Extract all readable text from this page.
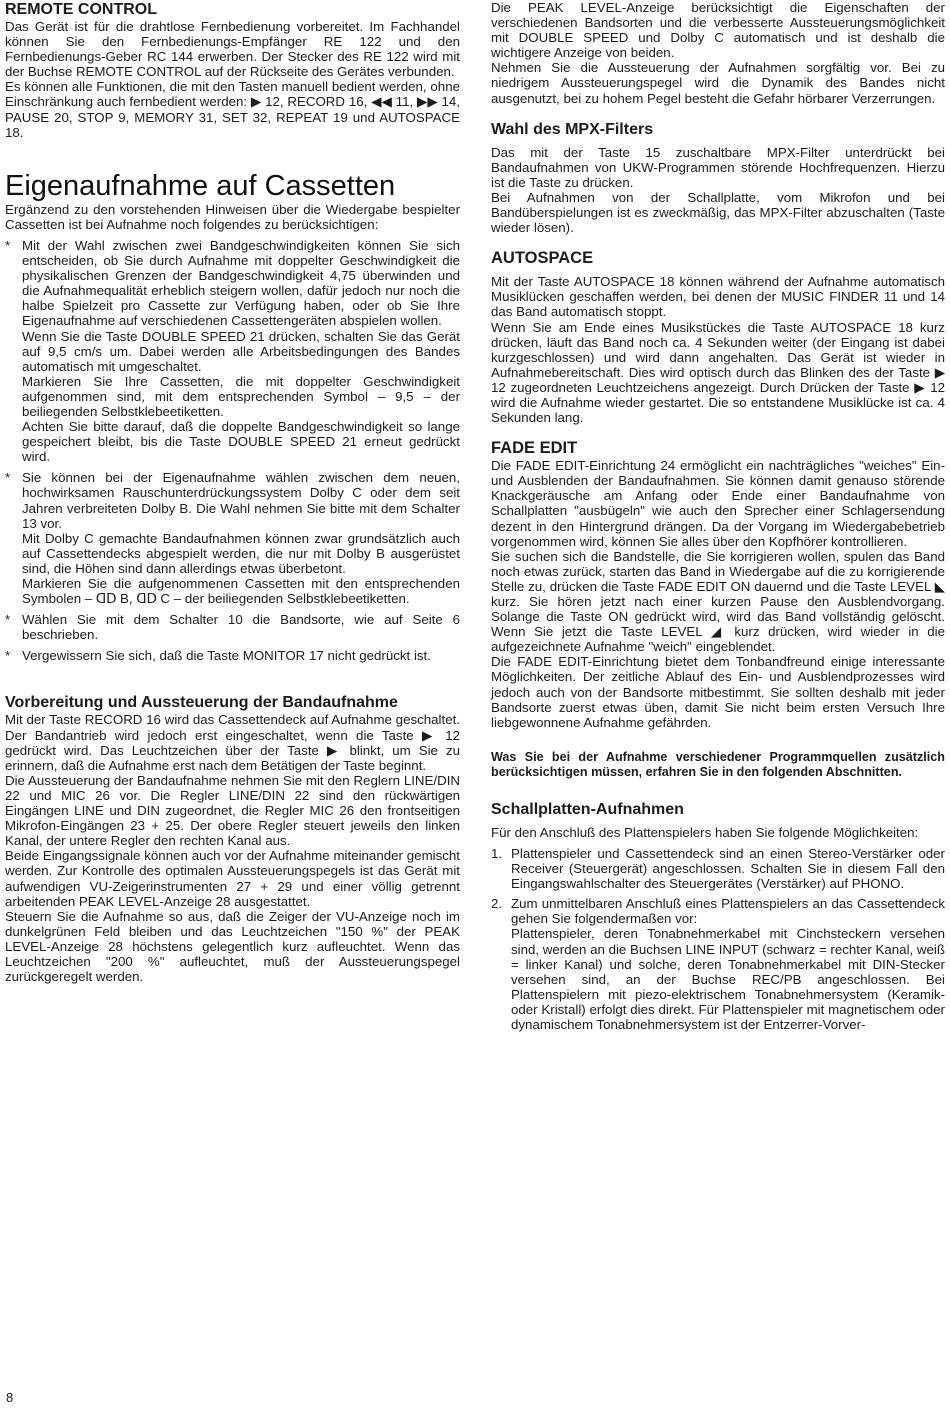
REMOTE CONTROL

Das Gerät ist für die drahtlose Fernbedienung vorbereitet. Im Fachhandel können Sie den Fernbedienungs-Empfänger RE 122 und den Fernbedienungs-Geber RC 144 erwerben. Der Stecker des RE 122 wird mit der Buchse REMOTE CONTROL auf der Rückseite des Gerätes verbunden.

Es können alle Funktionen, die mit den Tasten manuell bedient werden, ohne Einschränkung auch fernbedient werden: ▶ 12, RECORD 16, ◀◀ 11, ▶▶ 14, PAUSE 20, STOP 9, MEMORY 31, SET 32, REPEAT 19 und AUTOSPACE 18.

Eigenaufnahme auf Cassetten

Ergänzend zu den vorstehenden Hinweisen über die Wiedergabe bespielter Cassetten ist bei Aufnahme noch folgendes zu berücksichtigen:

* Mit der Wahl zwischen zwei Bandgeschwindigkeiten können Sie sich entscheiden, ob Sie durch Aufnahme mit doppelter Geschwindigkeit die physikalischen Grenzen der Bandgeschwindigkeit 4,75 überwinden und die Aufnahmequalität erheblich steigern wollen, dafür jedoch nur noch die halbe Spielzeit pro Cassette zur Verfügung haben, oder ob Sie Ihre Eigenaufnahme auf verschiedenen Cassettengeräten abspielen wollen.

Wenn Sie die Taste DOUBLE SPEED 21 drücken, schalten Sie das Gerät auf 9,5 cm/s um. Dabei werden alle Arbeitsbedingungen des Bandes automatisch mit umgeschaltet.

Markieren Sie Ihre Cassetten, die mit doppelter Geschwindigkeit aufgenommen sind, mit dem entsprechenden Symbol – 9,5 – der beiliegenden Selbstklebeetiketten.

Achten Sie bitte darauf, daß die doppelte Bandgeschwindigkeit so lange gespeichert bleibt, bis die Taste DOUBLE SPEED 21 erneut gedrückt wird.

* Sie können bei der Eigenaufnahme wählen zwischen dem neuen, hochwirksamen Rauschunterdrückungssystem Dolby C oder dem seit Jahren verbreiteten Dolby B. Die Wahl nehmen Sie bitte mit dem Schalter 13 vor.

Mit Dolby C gemachte Bandaufnahmen können zwar grundsätzlich auch auf Cassettendecks abgespielt werden, die nur mit Dolby B ausgerüstet sind, die Höhen sind dann allerdings etwas überbetont.

Markieren Sie die aufgenommenen Cassetten mit den entsprechenden Symbolen – ᗡᗞ B, ᗡᗞ C – der beiliegenden Selbstklebeetiketten.

* Wählen Sie mit dem Schalter 10 die Bandsorte, wie auf Seite 6 beschrieben.

* Vergewissern Sie sich, daß die Taste MONITOR 17 nicht gedrückt ist.

Vorbereitung und Aussteuerung der Bandaufnahme

Mit der Taste RECORD 16 wird das Cassettendeck auf Aufnahme geschaltet. Der Bandantrieb wird jedoch erst eingeschaltet, wenn die Taste ▶ 12 gedrückt wird. Das Leuchtzeichen über der Taste ▶ blinkt, um Sie zu erinnern, daß die Aufnahme erst nach dem Betätigen der Taste beginnt.

Die Aussteuerung der Bandaufnahme nehmen Sie mit den Reglern LINE/DIN 22 und MIC 26 vor. Die Regler LINE/DIN 22 sind den rückwärtigen Eingängen LINE und DIN zugeordnet, die Regler MIC 26 den frontseitigen Mikrofon-Eingängen 23 + 25. Der obere Regler steuert jeweils den linken Kanal, der untere Regler den rechten Kanal aus.

Beide Eingangssignale können auch vor der Aufnahme miteinander gemischt werden. Zur Kontrolle des optimalen Aussteuerungspegels ist das Gerät mit aufwendigen VU-Zeigerinstrumenten 27 + 29 und einer völlig getrennt arbeitenden PEAK LEVEL-Anzeige 28 ausgestattet.

Steuern Sie die Aufnahme so aus, daß die Zeiger der VU-Anzeige noch im dunkelgrünen Feld bleiben und das Leuchtzeichen "150 %" der PEAK LEVEL-Anzeige 28 höchstens gelegentlich kurz aufleuchtet. Wenn das Leuchtzeichen "200 %" aufleuchtet, muß der Aussteuerungspegel zurückgeregelt werden.

Die PEAK LEVEL-Anzeige berücksichtigt die Eigenschaften der verschiedenen Bandsorten und die verbesserte Aussteuerungsmöglichkeit mit DOUBLE SPEED und Dolby C automatisch und ist deshalb die wichtigere Anzeige von beiden.

Nehmen Sie die Aussteuerung der Aufnahmen sorgfältig vor. Bei zu niedrigem Aussteuerungspegel wird die Dynamik des Bandes nicht ausgenutzt, bei zu hohem Pegel besteht die Gefahr hörbarer Verzerrungen.

Wahl des MPX-Filters

Das mit der Taste 15 zuschaltbare MPX-Filter unterdrückt bei Bandaufnahmen von UKW-Programmen störende Hochfrequenzen. Hierzu ist die Taste zu drücken.

Bei Aufnahmen von der Schallplatte, vom Mikrofon und bei Bandüberspielungen ist es zweckmäßig, das MPX-Filter abzuschalten (Taste wieder lösen).

AUTOSPACE

Mit der Taste AUTOSPACE 18 können während der Aufnahme automatisch Musiklücken geschaffen werden, bei denen der MUSIC FINDER 11 und 14 das Band automatisch stoppt.

Wenn Sie am Ende eines Musikstückes die Taste AUTOSPACE 18 kurz drücken, läuft das Band noch ca. 4 Sekunden weiter (der Eingang ist dabei kurzgeschlossen) und wird dann angehalten. Das Gerät ist wieder in Aufnahmebereitschaft. Dies wird optisch durch das Blinken des der Taste ▶ 12 zugeordneten Leuchtzeichens angezeigt. Durch Drücken der Taste ▶ 12 wird die Aufnahme wieder gestartet. Die so entstandene Musiklücke ist ca. 4 Sekunden lang.

FADE EDIT

Die FADE EDIT-Einrichtung 24 ermöglicht ein nachträgliches "weiches" Ein- und Ausblenden der Bandaufnahmen. Sie können damit genauso störende Knackgeräusche am Anfang oder Ende einer Bandaufnahme von Schallplatten "ausbügeln" wie auch den Sprecher einer Schlagersendung dezent in den Hintergrund drängen. Da der Vorgang im Wiedergabebetrieb vorgenommen wird, können Sie alles über den Kopfhörer kontrollieren.

Sie suchen sich die Bandstelle, die Sie korrigieren wollen, spulen das Band noch etwas zurück, starten das Band in Wiedergabe auf die zu korrigierende Stelle zu, drücken die Taste FADE EDIT ON dauernd und die Taste LEVEL ◣ kurz. Sie hören jetzt nach einer kurzen Pause den Ausblendvorgang. Solange die Taste ON gedrückt wird, wird das Band vollständig gelöscht. Wenn Sie jetzt die Taste LEVEL ◢ kurz drücken, wird wieder in die aufgezeichnete Aufnahme "weich" eingeblendet.

Die FADE EDIT-Einrichtung bietet dem Tonbandfreund einige interessante Möglichkeiten. Der zeitliche Ablauf des Ein- und Ausblendprozesses wird jedoch auch von der Bandsorte mitbestimmt. Sie sollten deshalb mit jeder Bandsorte zuerst etwas üben, damit Sie nicht beim ersten Versuch Ihre liebgewonnene Aufnahme gefährden.

Was Sie bei der Aufnahme verschiedener Programmquellen zusätzlich berücksichtigen müssen, erfahren Sie in den folgenden Abschnitten.

Schallplatten-Aufnahmen

Für den Anschluß des Plattenspielers haben Sie folgende Möglichkeiten:

1. Plattenspieler und Cassettendeck sind an einen Stereo-Verstärker oder Receiver (Steuergerät) angeschlossen. Schalten Sie in diesem Fall den Eingangswahlschalter des Steuergerätes (Verstärker) auf PHONO.

2. Zum unmittelbaren Anschluß eines Plattenspielers an das Cassettendeck gehen Sie folgendermaßen vor:

Plattenspieler, deren Tonabnehmerkabel mit Cinchsteckern versehen sind, werden an die Buchsen LINE INPUT (schwarz = rechter Kanal, weiß = linker Kanal) und solche, deren Tonabnehmerkabel mit DIN-Stecker versehen sind, an der Buchse REC/PB angeschlossen. Bei Plattenspielern mit piezo-elektrischem Tonabnehmersystem (Keramik- oder Kristall) erfolgt dies direkt. Für Plattenspieler mit magnetischem oder dynamischem Tonabnehmersystem ist der Entzerrer-Vorver-

8
